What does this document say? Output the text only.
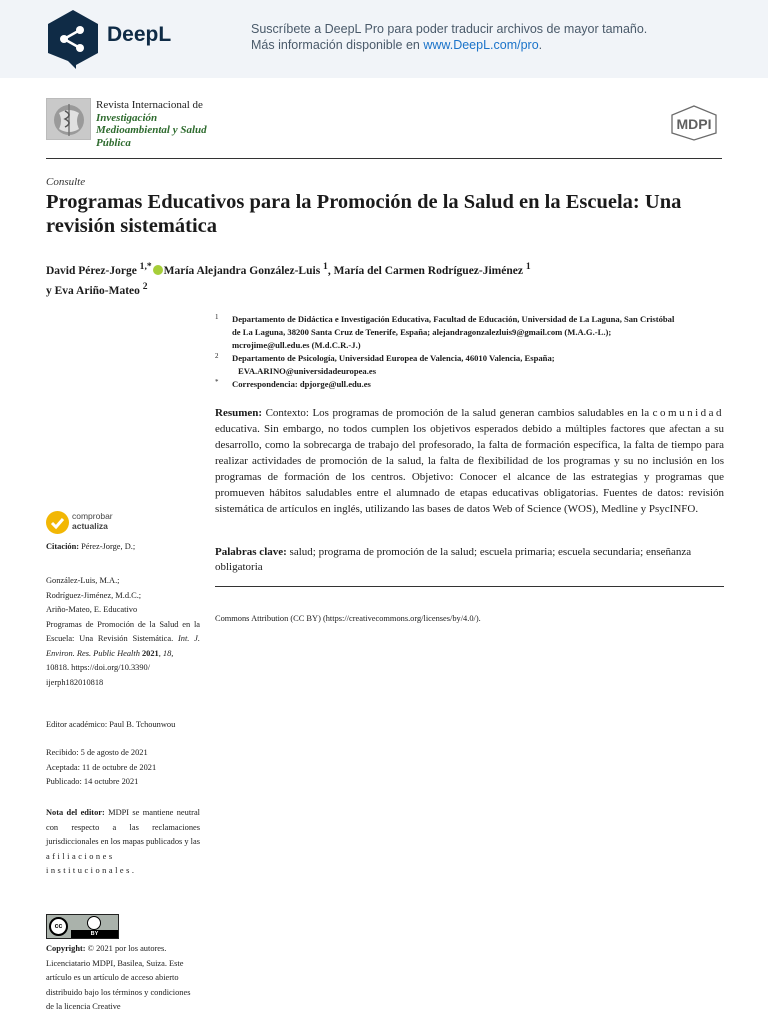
DeepL	Suscríbete a DeepL Pro para poder traducir archivos de mayor tamaño.
Más información disponible en www.DeepL.com/pro.
Revista Internacional de
Investigación
Medioambiental y Salud
Pública
MDPI
Consulte
Programas Educativos para la Promoción de la Salud en la Escuela: Una revisión sistemática
David Pérez-Jorge $^{1,*}$ María Alejandra González-Luis $^1$, María del Carmen Rodríguez-Jiménez $^1$
y Eva Ariño-Mateo $^2$
1 Departamento de Didáctica e Investigación Educativa, Facultad de Educación, Universidad de La Laguna, San Cristóbal de La Laguna, 38200 Santa Cruz de Tenerife, España; alejandragonzalezluis9@gmail.com (M.A.G.-L.); mcrojime@ull.edu.es (M.d.C.R.-J.)
2 Departamento de Psicología, Universidad Europea de Valencia, 46010 Valencia, España;
EVA.ARINO@universidadeuropea.es
* Correspondencia: dpjorge@ull.edu.es
Resumen: Contexto: Los programas de promoción de la salud generan cambios saludables en la comunidad educativa. Sin embargo, no todos cumplen los objetivos esperados debido a múltiples factores que afectan a su desarrollo, como la sobrecarga de trabajo del profesorado, la falta de formación específica, la falta de tiempo para realizar actividades de promoción de la salud, la falta de flexibilidad de los programas y su no inclusión en los programas de formación de los centros. Objetivo: Conocer el alcance de las estrategias y programas que promueven hábitos saludables entre el alumnado de etapas educativas obligatorias. Fuentes de datos: revisión sistemática de artículos en inglés, utilizando las bases de datos Web of Science (WOS), Medline y PsycINFO.
Palabras clave: salud; programa de promoción de la salud; escuela primaria; escuela secundaria; enseñanza obligatoria
Commons Attribution (CC BY) (https://creativecommons.org/licenses/by/4.0/).
comprobar
actualiza
Citación: Pérez-Jorge, D.;
González-Luis, M.A.;
Rodríguez-Jiménez, M.d.C.;
Ariño-Mateo, E. Educativo
Programas de Promoción de la Salud en la Escuela: Una Revisión Sistemática. Int. J. Environ. Res. Public Health 2021, 18,
10818. https://doi.org/10.3390/
ijerph182010818
Editor académico: Paul B. Tchounwou
Recibido: 5 de agosto de 2021
Aceptada: 11 de octubre de 2021
Publicado: 14 octubre 2021
Nota del editor: MDPI se mantiene neutral con respecto a las reclamaciones jurisdiccionales en los mapas publicados y las
afiliaciones
institucionales.
cc
BY
Copyright: © 2021 por los autores. Licenciatario MDPI, Basilea, Suiza. Este artículo es un artículo de acceso abierto distribuido bajo los términos y condiciones de la licencia Creative
